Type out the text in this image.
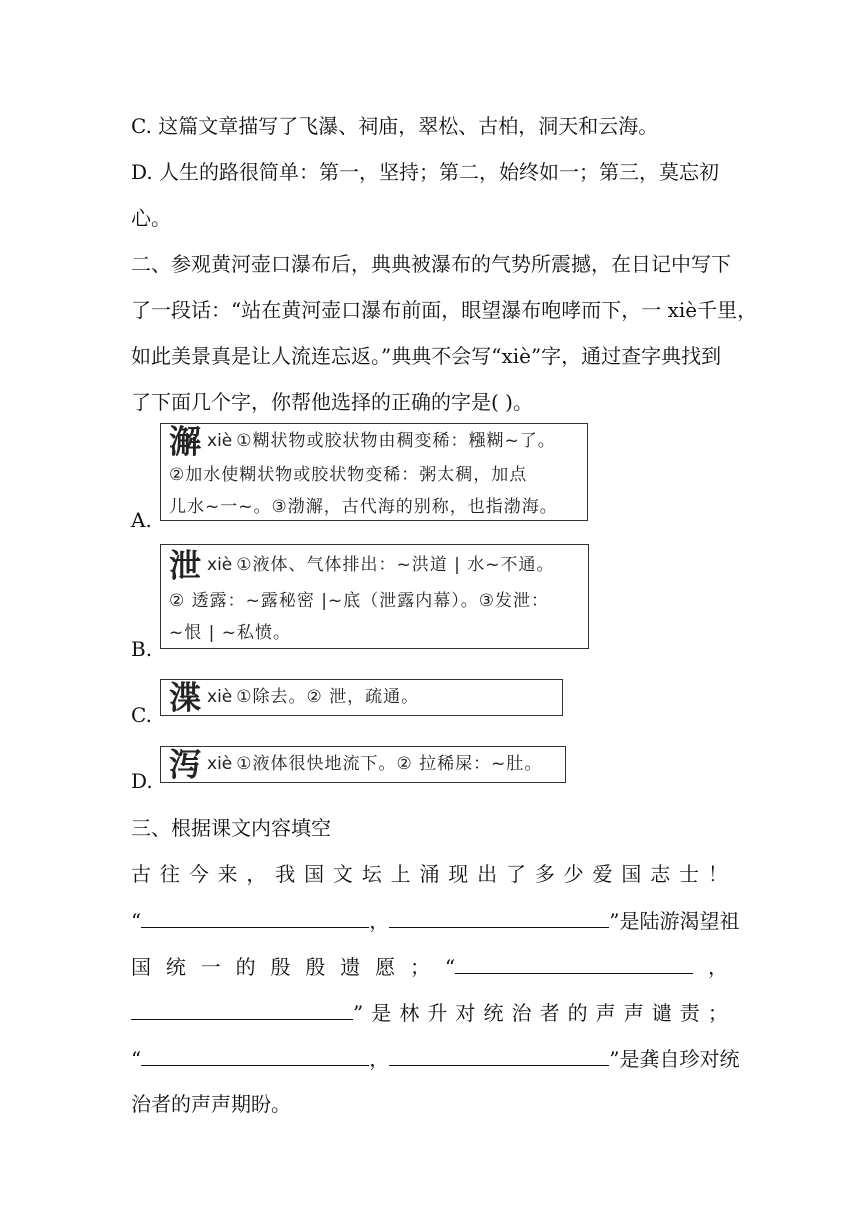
C. 这篇文章描写了飞瀑、祠庙，翠松、古柏，洞天和云海。
D. 人生的路很简单：第一，坚持；第二，始终如一；第三，莫忘初
心。
二、参观黄河壶口瀑布后，典典被瀑布的气势所震撼，在日记中写下
了一段话：“站在黄河壶口瀑布前面，眼望瀑布咆哮而下，一 xiè千里，
如此美景真是让人流连忘返。”典典不会写“xiè”字，通过查字典找到
了下面几个字，你帮他选择的正确的字是( )。
A.
澥xiè ①糊状物或胶状物由稠变稀：糨糊~了。
②加水使糊状物或胶状物变稀：粥太稠，加点
儿水~一~。③渤澥，古代海的别称，也指渤海。
B.
泄xiè ①液体、气体排出：~洪道 | 水~不通。
② 透露：~露秘密 |~底（泄露内幕）。③发泄：
~恨 | ~私愤。
C. 渫xiè ①除去。② 泄，疏通。
D. 泻xiè ①液体很快地流下。② 拉稀屎：~肚。
三、根据课文内容填空
古 往 今 来 ， 我 国 文 坛 上 涌 现 出 了 多 少 爱 国 志 士 ！
“	，	”是陆游渴望祖
国 统 一 的 殷 殷 遗 愿 ； “	，
” 是 林 升 对 统 治 者 的 声 声 谴 责 ；
“	，	”是龚自珍对统
治者的声声期盼。
